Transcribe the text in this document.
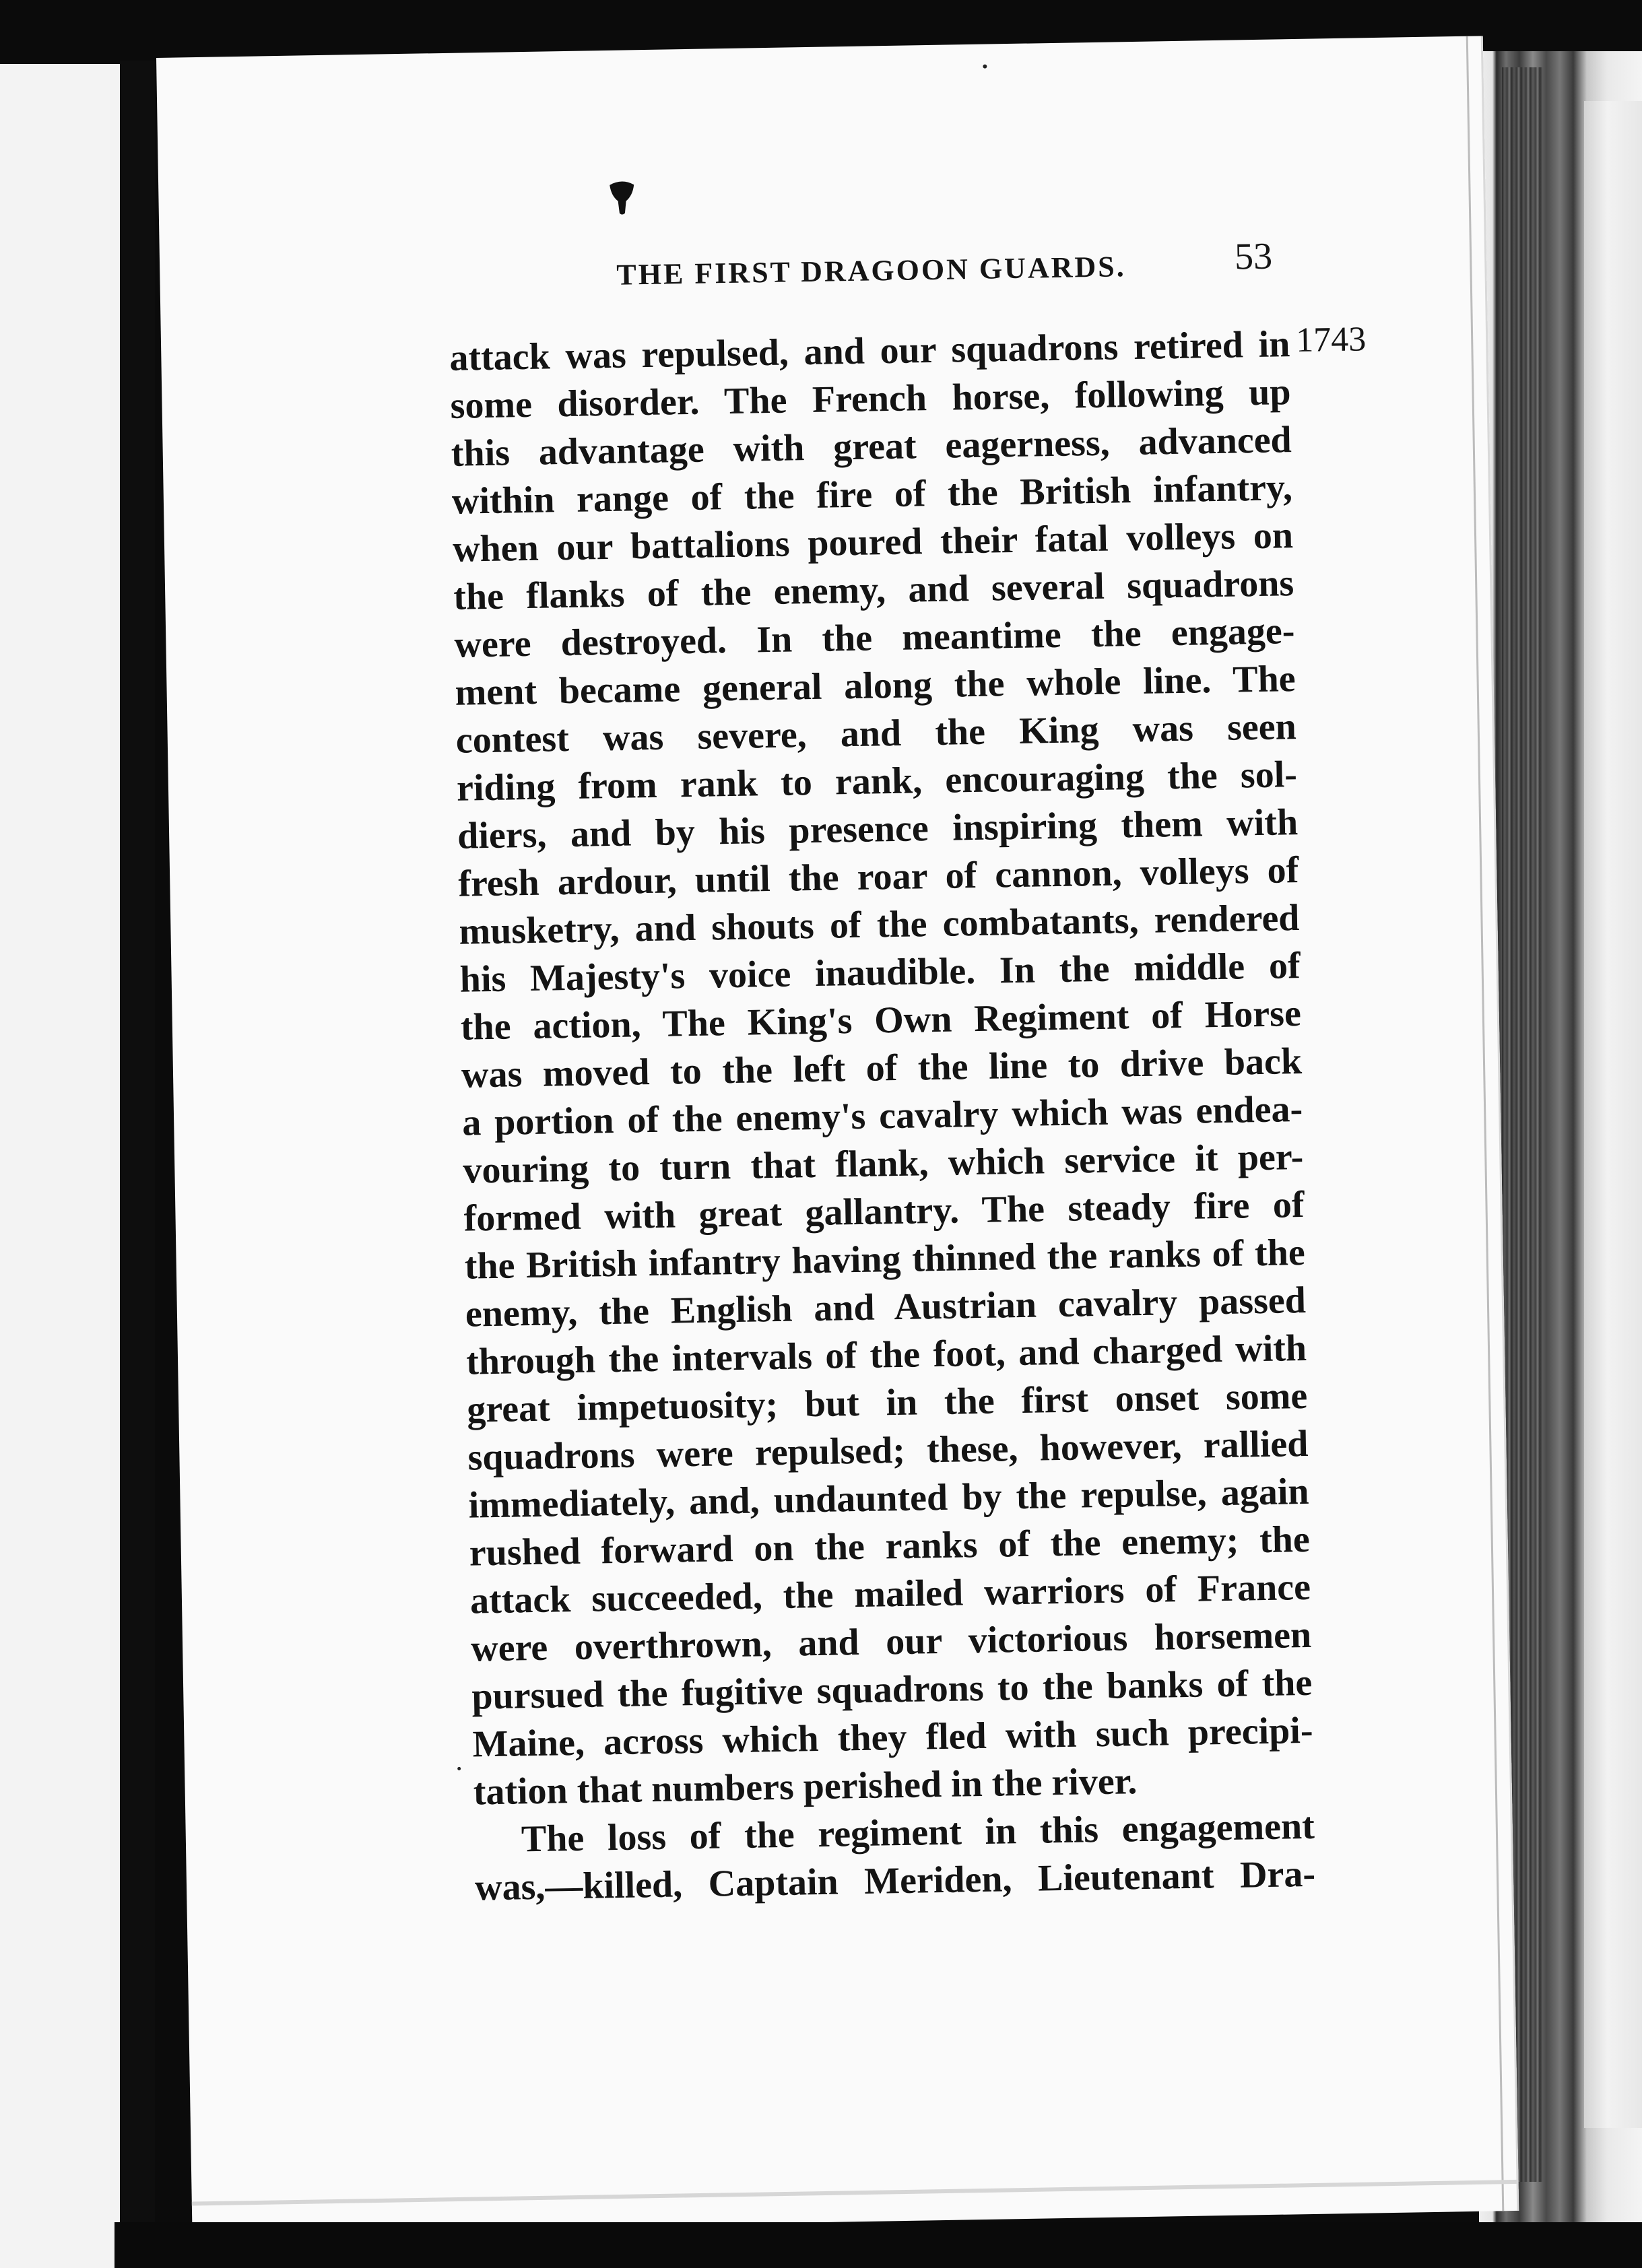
THE FIRST DRAGOON GUARDS.	53
1743
attack was repulsed, and our squadrons retired in
some disorder. The French horse, following up
this advantage with great eagerness, advanced
within range of the fire of the British infantry,
when our battalions poured their fatal volleys on
the flanks of the enemy, and several squadrons
were destroyed. In the meantime the engage-
ment became general along the whole line. The
contest was severe, and the King was seen
riding from rank to rank, encouraging the sol-
diers, and by his presence inspiring them with
fresh ardour, until the roar of cannon, volleys of
musketry, and shouts of the combatants, rendered
his Majesty's voice inaudible. In the middle of
the action, The King's Own Regiment of Horse
was moved to the left of the line to drive back
a portion of the enemy's cavalry which was endea-
vouring to turn that flank, which service it per-
formed with great gallantry. The steady fire of
the British infantry having thinned the ranks of the
enemy, the English and Austrian cavalry passed
through the intervals of the foot, and charged with
great impetuosity; but in the first onset some
squadrons were repulsed; these, however, rallied
immediately, and, undaunted by the repulse, again
rushed forward on the ranks of the enemy; the
attack succeeded, the mailed warriors of France
were overthrown, and our victorious horsemen
pursued the fugitive squadrons to the banks of the
Maine, across which they fled with such precipi-
tation that numbers perished in the river.
The loss of the regiment in this engagement
was,—killed, Captain Meriden, Lieutenant Dra-
